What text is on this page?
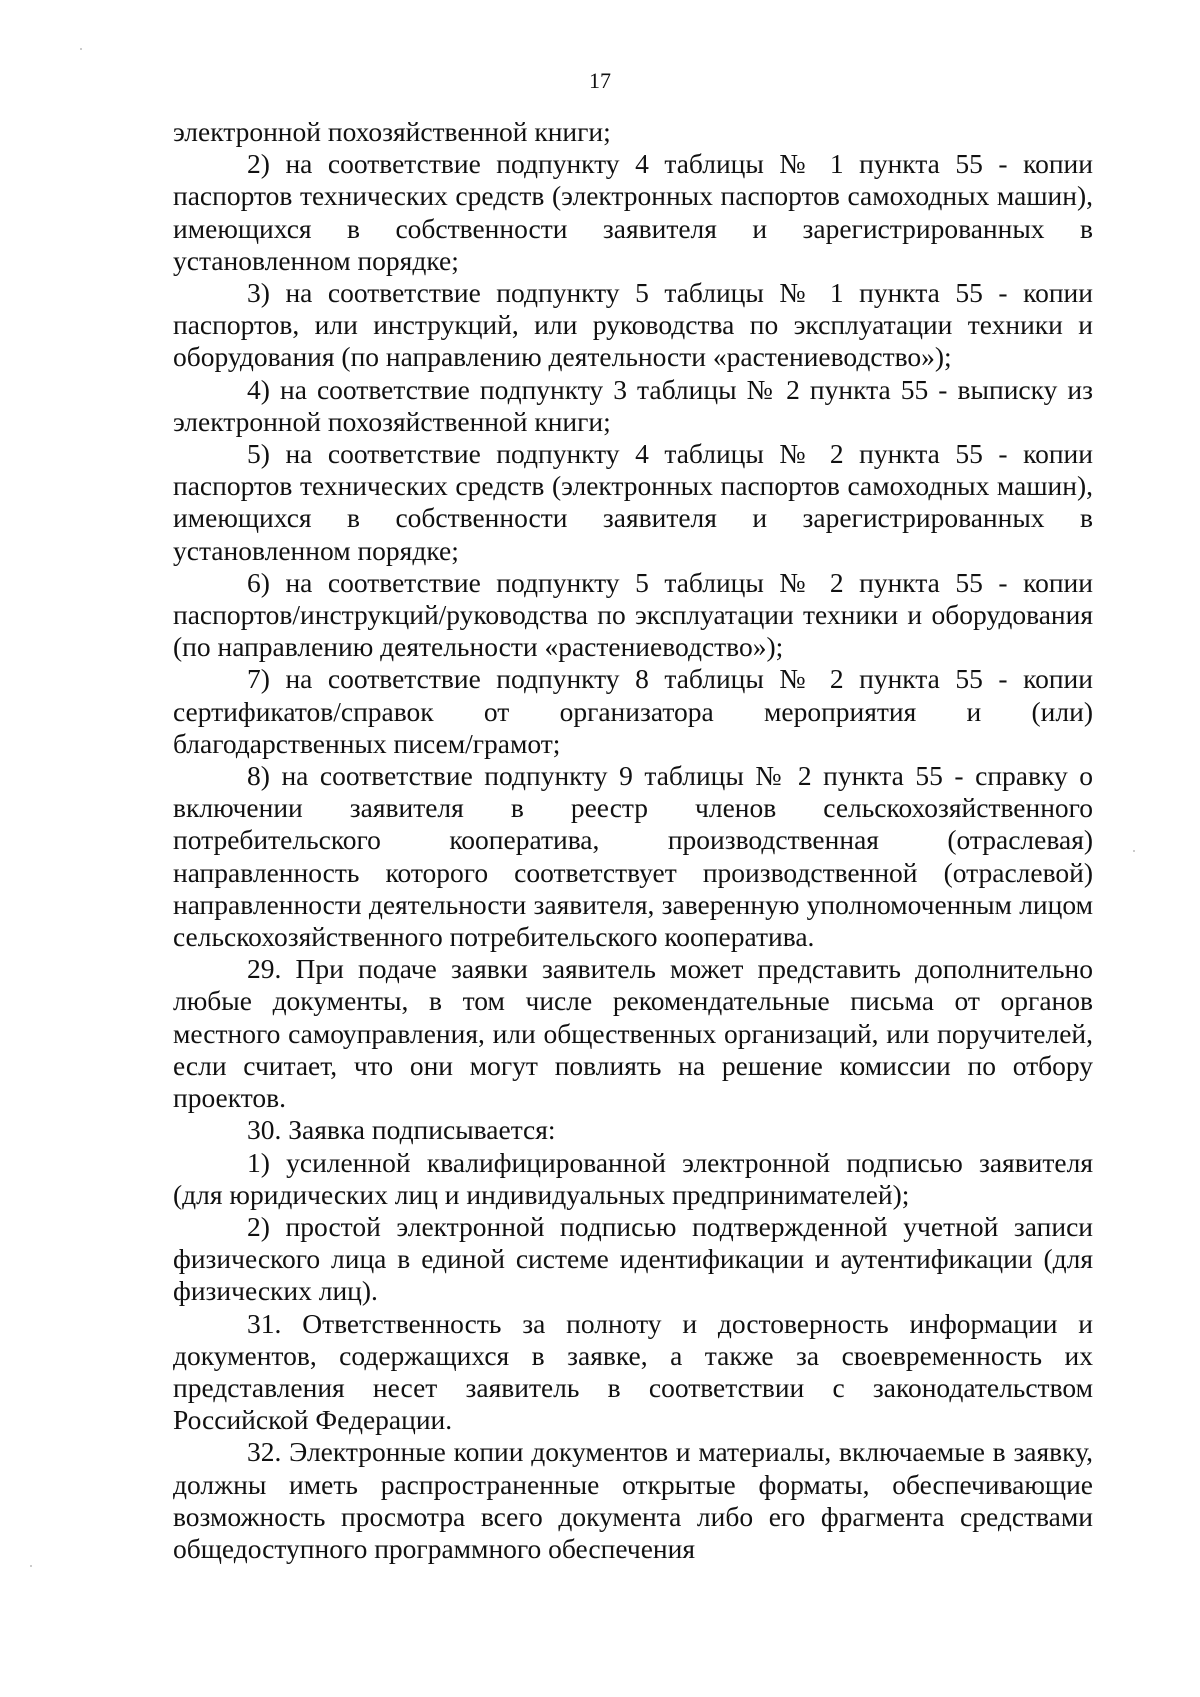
17

электронной похозяйственной книги;

2) на соответствие подпункту 4 таблицы № 1 пункта 55 - копии паспортов технических средств (электронных паспортов самоходных машин), имеющихся в собственности заявителя и зарегистрированных в установленном порядке;

3) на соответствие подпункту 5 таблицы № 1 пункта 55 - копии паспортов, или инструкций, или руководства по эксплуатации техники и оборудования (по направлению деятельности «растениеводство»);

4) на соответствие подпункту 3 таблицы № 2 пункта 55 - выписку из электронной похозяйственной книги;

5) на соответствие подпункту 4 таблицы № 2 пункта 55 - копии паспортов технических средств (электронных паспортов самоходных машин), имеющихся в собственности заявителя и зарегистрированных в установленном порядке;

6) на соответствие подпункту 5 таблицы № 2 пункта 55 - копии паспортов/инструкций/руководства по эксплуатации техники и оборудования (по направлению деятельности «растениеводство»);

7) на соответствие подпункту 8 таблицы № 2 пункта 55 - копии сертификатов/справок от организатора мероприятия и (или) благодарственных писем/грамот;

8) на соответствие подпункту 9 таблицы № 2 пункта 55 - справку о включении заявителя в реестр членов сельскохозяйственного потребительского кооператива, производственная (отраслевая) направленность которого соответствует производственной (отраслевой) направленности деятельности заявителя, заверенную уполномоченным лицом сельскохозяйственного потребительского кооператива.

29. При подаче заявки заявитель может представить дополнительно любые документы, в том числе рекомендательные письма от органов местного самоуправления, или общественных организаций, или поручителей, если считает, что они могут повлиять на решение комиссии по отбору проектов.

30. Заявка подписывается:

1) усиленной квалифицированной электронной подписью заявителя (для юридических лиц и индивидуальных предпринимателей);

2) простой электронной подписью подтвержденной учетной записи физического лица в единой системе идентификации и аутентификации (для физических лиц).

31. Ответственность за полноту и достоверность информации и документов, содержащихся в заявке, а также за своевременность их представления несет заявитель в соответствии с законодательством Российской Федерации.

32. Электронные копии документов и материалы, включаемые в заявку, должны иметь распространенные открытые форматы, обеспечивающие возможность просмотра всего документа либо его фрагмента средствами общедоступного программного обеспечения
